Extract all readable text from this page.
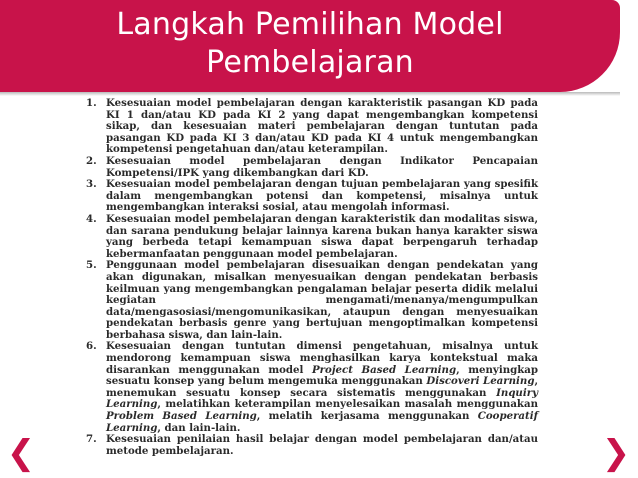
Langkah Pemilihan Model
Pembelajaran
1. Kesesuaian model pembelajaran dengan karakteristik pasangan KD pada KI 1 dan/atau KD pada KI 2 yang dapat mengembangkan kompetensi sikap, dan kesesuaian materi pembelajaran dengan tuntutan pada pasangan KD pada KI 3 dan/atau KD pada KI 4 untuk mengembangkan kompetensi pengetahuan dan/atau keterampilan.
2. Kesesuaian model pembelajaran dengan Indikator Pencapaian Kompetensi/IPK yang dikembangkan dari KD.
3. Kesesuaian model pembelajaran dengan tujuan pembelajaran yang spesifik dalam mengembangkan potensi dan kompetensi, misalnya untuk mengembangkan interaksi sosial, atau mengolah informasi.
4. Kesesuaian model pembelajaran dengan karakteristik dan modalitas siswa, dan sarana pendukung belajar lainnya karena bukan hanya karakter siswa yang berbeda tetapi kemampuan siswa dapat berpengaruh terhadap kebermanfaatan penggunaan model pembelajaran.
5. Penggunaan model pembelajaran disesuaikan dengan pendekatan yang akan digunakan, misalkan menyesuaikan dengan pendekatan berbasis keilmuan yang mengembangkan pengalaman belajar peserta didik melalui kegiatan mengamati/menanya/mengumpulkan data/mengasosiasi/mengomunikasikan, ataupun dengan menyesuaikan pendekatan berbasis genre yang bertujuan mengoptimalkan kompetensi berbahasa siswa, dan lain-lain.
6. Kesesuaian dengan tuntutan dimensi pengetahuan, misalnya untuk mendorong kemampuan siswa menghasilkan karya kontekstual maka disarankan menggunakan model Project Based Learning, menyingkap sesuatu konsep yang belum mengemuka menggunakan Discoveri Learning, menemukan sesuatu konsep secara sistematis menggunakan Inquiry Learning, melatihkan keterampilan menyelesaikan masalah menggunakan Problem Based Learning, melatih kerjasama menggunakan Cooperatif Learning, dan lain-lain.
7. Kesesuaian penilaian hasil belajar dengan model pembelajaran dan/atau metode pembelajaran.
❮	❯
